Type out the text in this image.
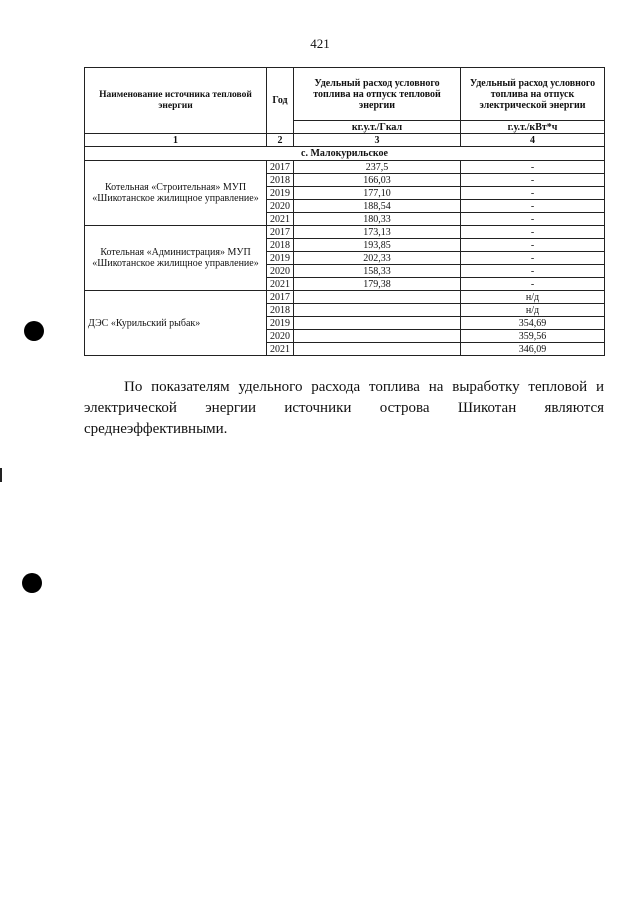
421
Наименование источника тепловой энергии	Год	Удельный расход условного топлива на отпуск тепловой энергии	Удельный расход условного топлива на отпуск электрической энергии
		кг.у.т./Гкал	г.у.т./кВт*ч
1	2	3	4
с. Малокурильское			
Котельная «Строительная» МУП «Шикотанское жилищное управление»	2017	237,5	-
	2018	166,03	-
	2019	177,10	-
	2020	188,54	-
	2021	180,33	-
Котельная «Администрация» МУП «Шикотанское жилищное управление»	2017	173,13	-
	2018	193,85	-
	2019	202,33	-
	2020	158,33	-
	2021	179,38	-
ДЭС «Курильский рыбак»	2017		н/д
	2018		н/д
	2019		354,69
	2020		359,56
	2021		346,09
По показателям удельного расхода топлива на выработку тепловой и
электрической энергии источники острова Шикотан являются
среднеэффективными.
